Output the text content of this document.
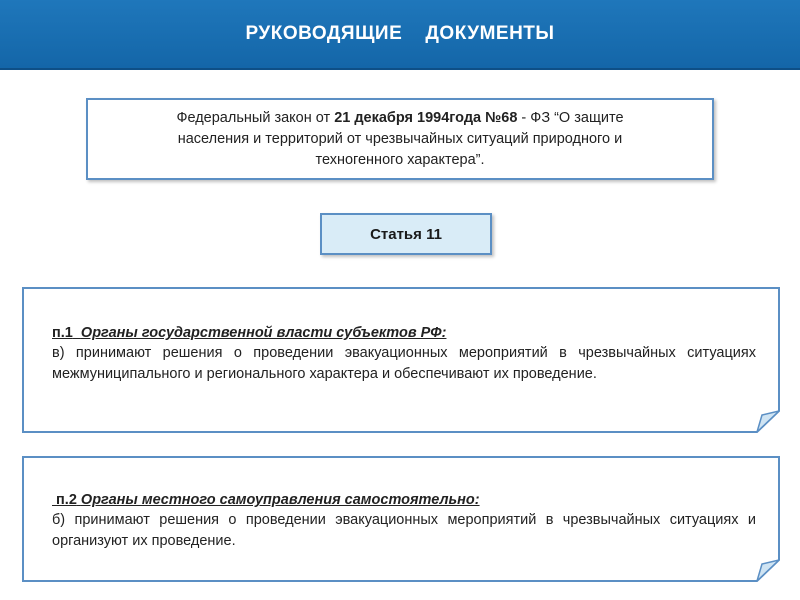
РУКОВОДЯЩИЕ    ДОКУМЕНТЫ
Федеральный закон от 21 декабря 1994года №68 - ФЗ “О защите
населения и территорий от чрезвычайных ситуаций природного и
техногенного характера”.
Статья 11
п.1 Органы государственной власти субъектов РФ:
в) принимают решения о проведении эвакуационных мероприятий в чрезвычайных ситуациях межмуниципального и регионального характера и обеспечивают их проведение.
п.2 Органы местного самоуправления самостоятельно:
б) принимают решения о проведении эвакуационных мероприятий в чрезвычайных ситуациях и организуют их проведение.
